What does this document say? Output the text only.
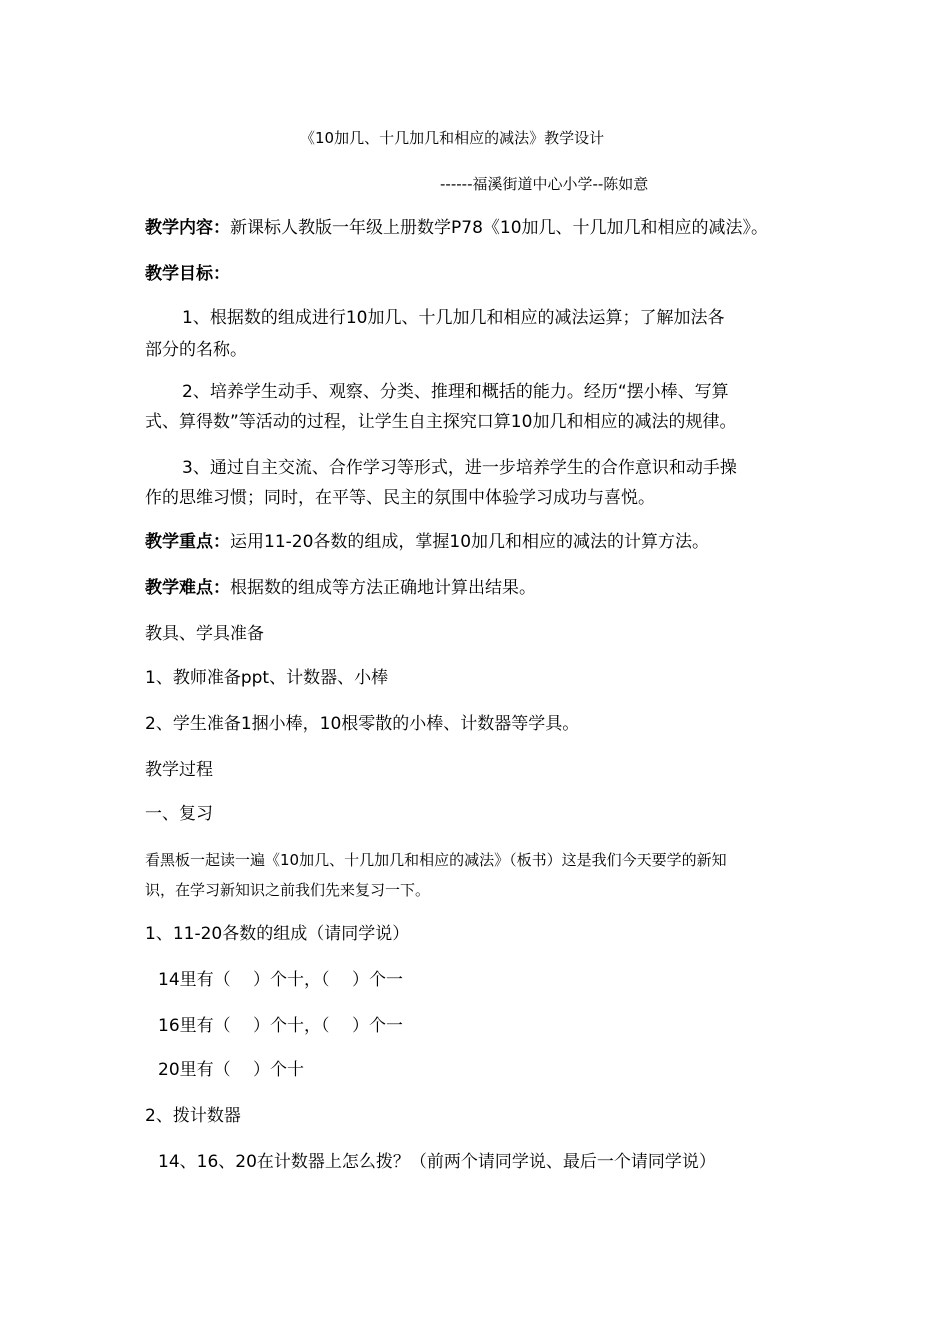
《10加几、十几加几和相应的减法》教学设计

------福溪街道中心小学--陈如意

教学内容：新课标人教版一年级上册数学P78《10加几、十几加几和相应的减法》。

教学目标：

1、根据数的组成进行10加几、十几加几和相应的减法运算；了解加法各

部分的名称。

2、培养学生动手、观察、分类、推理和概括的能力。经历“摆小棒、写算

式、算得数”等活动的过程，让学生自主探究口算10加几和相应的减法的规律。

3、通过自主交流、合作学习等形式，进一步培养学生的合作意识和动手操

作的思维习惯；同时，在平等、民主的氛围中体验学习成功与喜悦。

教学重点：运用11-20各数的组成，掌握10加几和相应的减法的计算方法。

教学难点：根据数的组成等方法正确地计算出结果。

教具、学具准备

1、教师准备ppt、计数器、小棒

2、学生准备1捆小棒，10根零散的小棒、计数器等学具。

教学过程

一、复习

看黑板一起读一遍《10加几、十几加几和相应的减法》（板书）这是我们今天要学的新知

识，在学习新知识之前我们先来复习一下。

1、11-20各数的组成（请同学说）

14里有（　 ）个十，（　 ）个一

16里有（　 ）个十，（　 ）个一

20里有（　 ）个十

2、拨计数器

14、16、20在计数器上怎么拨？（前两个请同学说、最后一个请同学说）
